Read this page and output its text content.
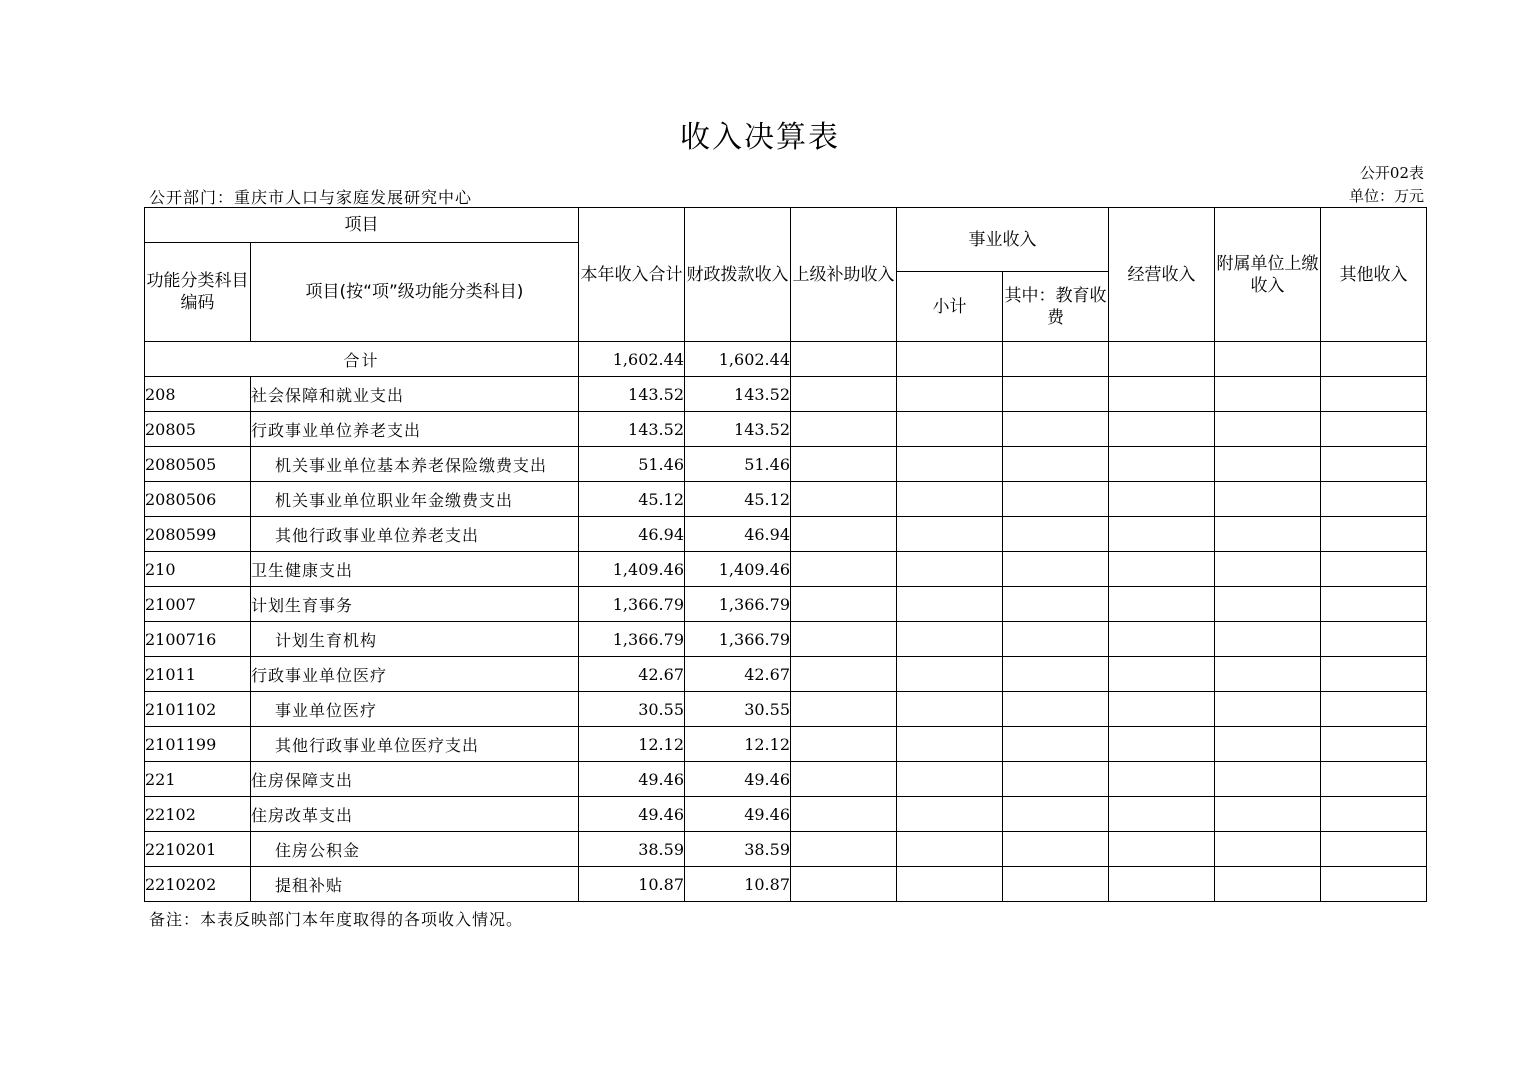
收入决算表
公开02表
公开部门：重庆市人口与家庭发展研究中心	单位：万元
项目		本年收入合计	财政拨款收入	上级补助收入	事业收入		经营收入	附属单位上缴收入	其他收入
功能分类科目编码	项目(按“项”级功能分类科目)								
					小计	其中：教育收费			
合计		1,602.44	1,602.44						
208	社会保障和就业支出	143.52	143.52						
20805	行政事业单位养老支出	143.52	143.52						
2080505	机关事业单位基本养老保险缴费支出	51.46	51.46						
2080506	机关事业单位职业年金缴费支出	45.12	45.12						
2080599	其他行政事业单位养老支出	46.94	46.94						
210	卫生健康支出	1,409.46	1,409.46						
21007	计划生育事务	1,366.79	1,366.79						
2100716	计划生育机构	1,366.79	1,366.79						
21011	行政事业单位医疗	42.67	42.67						
2101102	事业单位医疗	30.55	30.55						
2101199	其他行政事业单位医疗支出	12.12	12.12						
221	住房保障支出	49.46	49.46						
22102	住房改革支出	49.46	49.46						
2210201	住房公积金	38.59	38.59						
2210202	提租补贴	10.87	10.87						
备注：本表反映部门本年度取得的各项收入情况。
